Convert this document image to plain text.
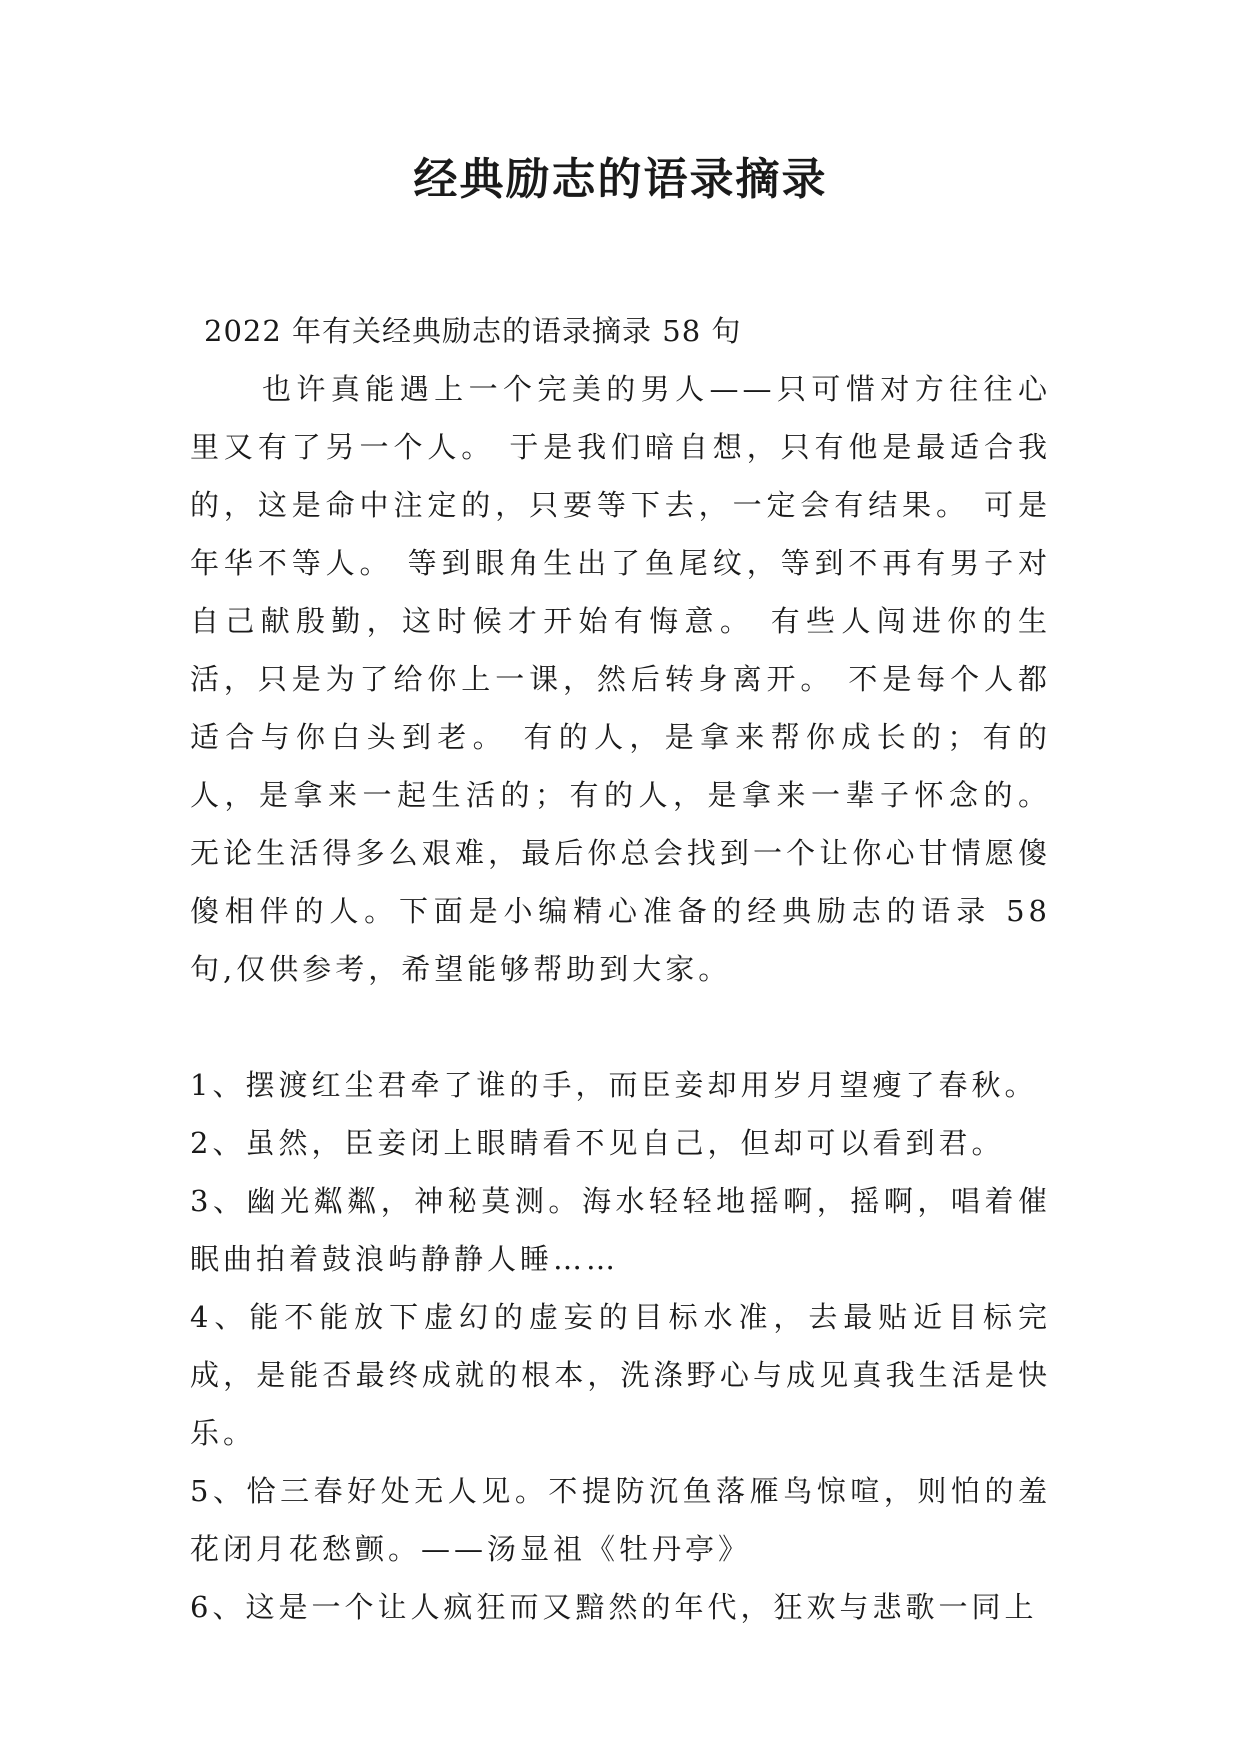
经典励志的语录摘录

2022 年有关经典励志的语录摘录 58 句

也许真能遇上一个完美的男人——只可惜对方往往心里又有了另一个人。 于是我们暗自想，只有他是最适合我的，这是命中注定的，只要等下去，一定会有结果。 可是年华不等人。 等到眼角生出了鱼尾纹，等到不再有男子对自己献殷勤，这时候才开始有悔意。 有些人闯进你的生活，只是为了给你上一课，然后转身离开。 不是每个人都适合与你白头到老。 有的人，是拿来帮你成长的；有的人，是拿来一起生活的；有的人，是拿来一辈子怀念的。 无论生活得多么艰难，最后你总会找到一个让你心甘情愿傻傻相伴的人。下面是小编精心准备的经典励志的语录 58 句,仅供参考，希望能够帮助到大家。

1、摆渡红尘君牵了谁的手，而臣妾却用岁月望瘦了春秋。
2、虽然，臣妾闭上眼睛看不见自己，但却可以看到君。
3、幽光粼粼，神秘莫测。海水轻轻地摇啊，摇啊，唱着催眠曲拍着鼓浪屿静静人睡……
4、能不能放下虚幻的虚妄的目标水准，去最贴近目标完成，是能否最终成就的根本，洗涤野心与成见真我生活是快乐。
5、恰三春好处无人见。不提防沉鱼落雁鸟惊喧，则怕的羞花闭月花愁颤。——汤显祖《牡丹亭》
6、这是一个让人疯狂而又黯然的年代，狂欢与悲歌一同上
